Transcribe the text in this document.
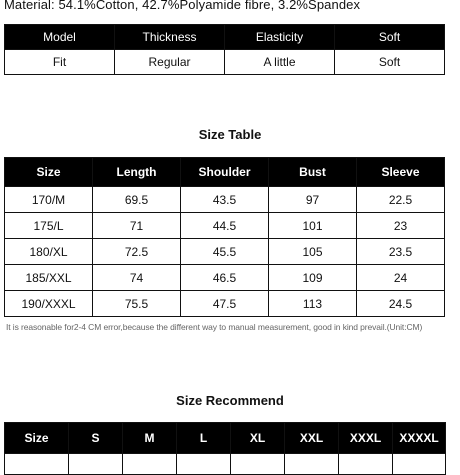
Material: 54.1%Cotton, 42.7%Polyamide fibre, 3.2%Spandex
Model	Thickness	Elasticity	Soft
Fit	Regular	A little	Soft
Size Table
Size	Length	Shoulder	Bust	Sleeve
170/M	69.5	43.5	97	22.5
175/L	71	44.5	101	23
180/XL	72.5	45.5	105	23.5
185/XXL	74	46.5	109	24
190/XXXL	75.5	47.5	113	24.5
It is reasonable for2-4 CM error,because the different way to manual measurement, good in kind prevail.(Unit:CM)
Size Recommend
Size	S	M	L	XL	XXL	XXXL	XXXXL
